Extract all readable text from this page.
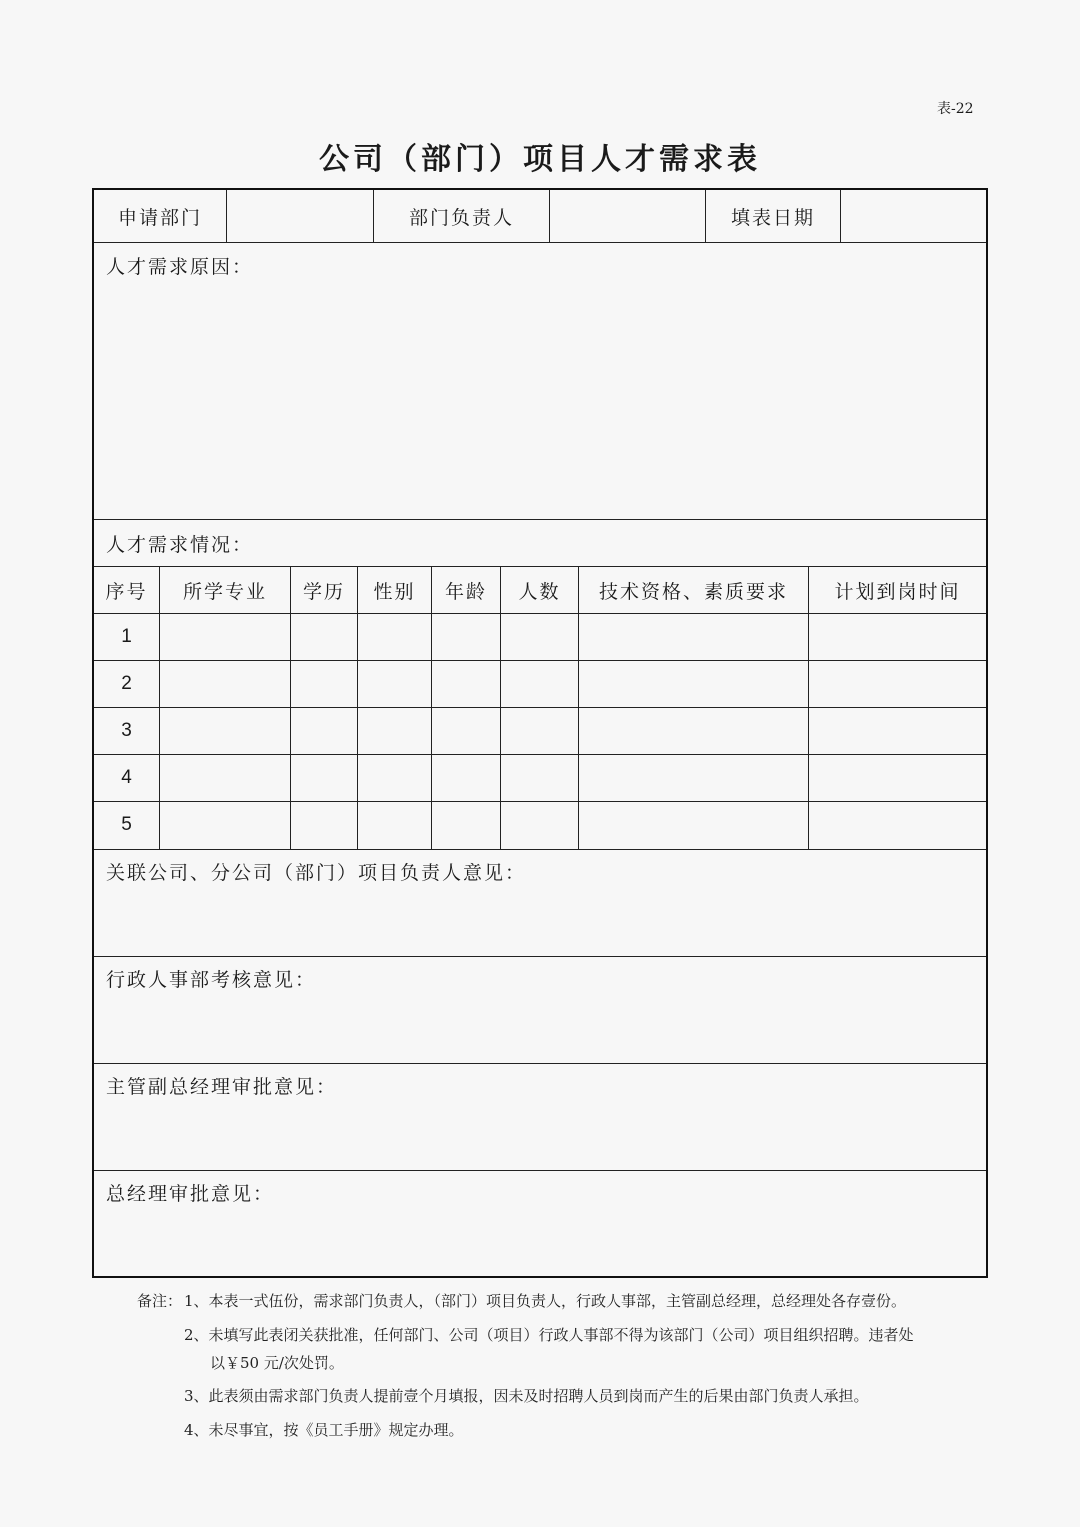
表-22
公司（部门）项目人才需求表
申请部门	部门负责人	填表日期
人才需求原因：
人才需求情况：
序号	所学专业	学历	性别	年龄	人数	技术资格、素质要求	计划到岗时间
1
2
3
4
5
关联公司、分公司（部门）项目负责人意见：
行政人事部考核意见：
主管副总经理审批意见：
总经理审批意见：
备注： 1、本表一式伍份，需求部门负责人，（部门）项目负责人，行政人事部，主管副总经理，总经理处各存壹份。
2、未填写此表闭关获批准，任何部门、公司（项目）行政人事部不得为该部门（公司）项目组织招聘。违者处
以￥50 元/次处罚。
3、此表须由需求部门负责人提前壹个月填报，因未及时招聘人员到岗而产生的后果由部门负责人承担。
4、未尽事宜，按《员工手册》规定办理。
